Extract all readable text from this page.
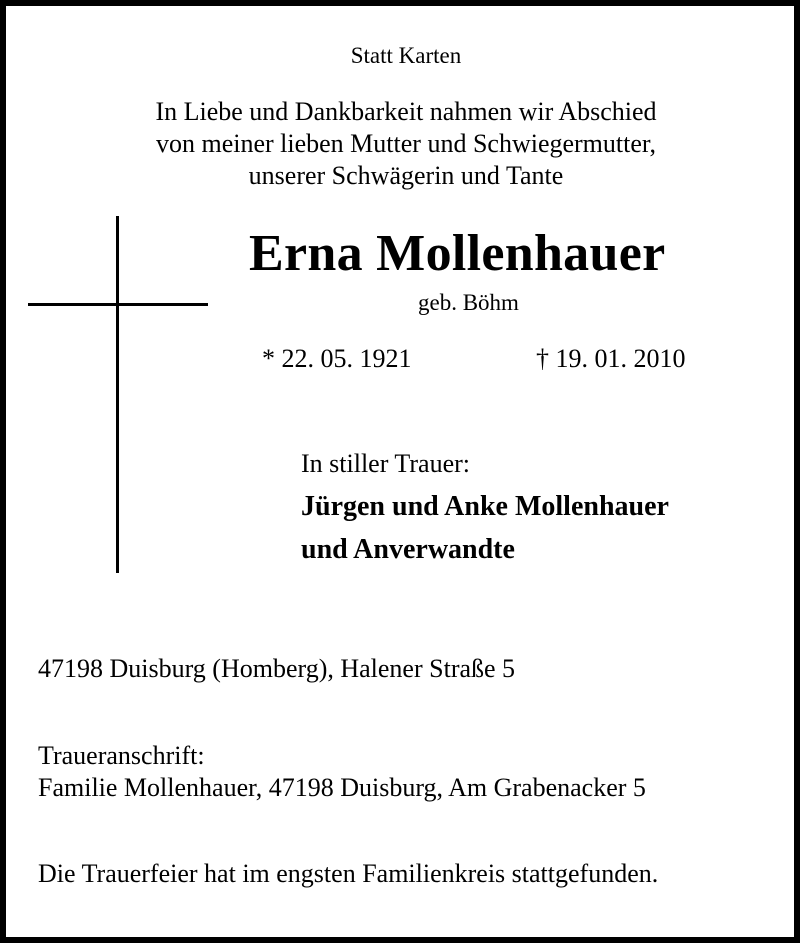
Statt Karten
In Liebe und Dankbarkeit nahmen wir Abschied
von meiner lieben Mutter und Schwiegermutter,
unserer Schwägerin und Tante
Erna Mollenhauer
geb. Böhm
* 22. 05. 1921	† 19. 01. 2010
In stiller Trauer:
Jürgen und Anke Mollenhauer
und Anverwandte
47198 Duisburg (Homberg), Halener Straße 5
Traueranschrift:
Familie Mollenhauer, 47198 Duisburg, Am Grabenacker 5
Die Trauerfeier hat im engsten Familienkreis stattgefunden.
